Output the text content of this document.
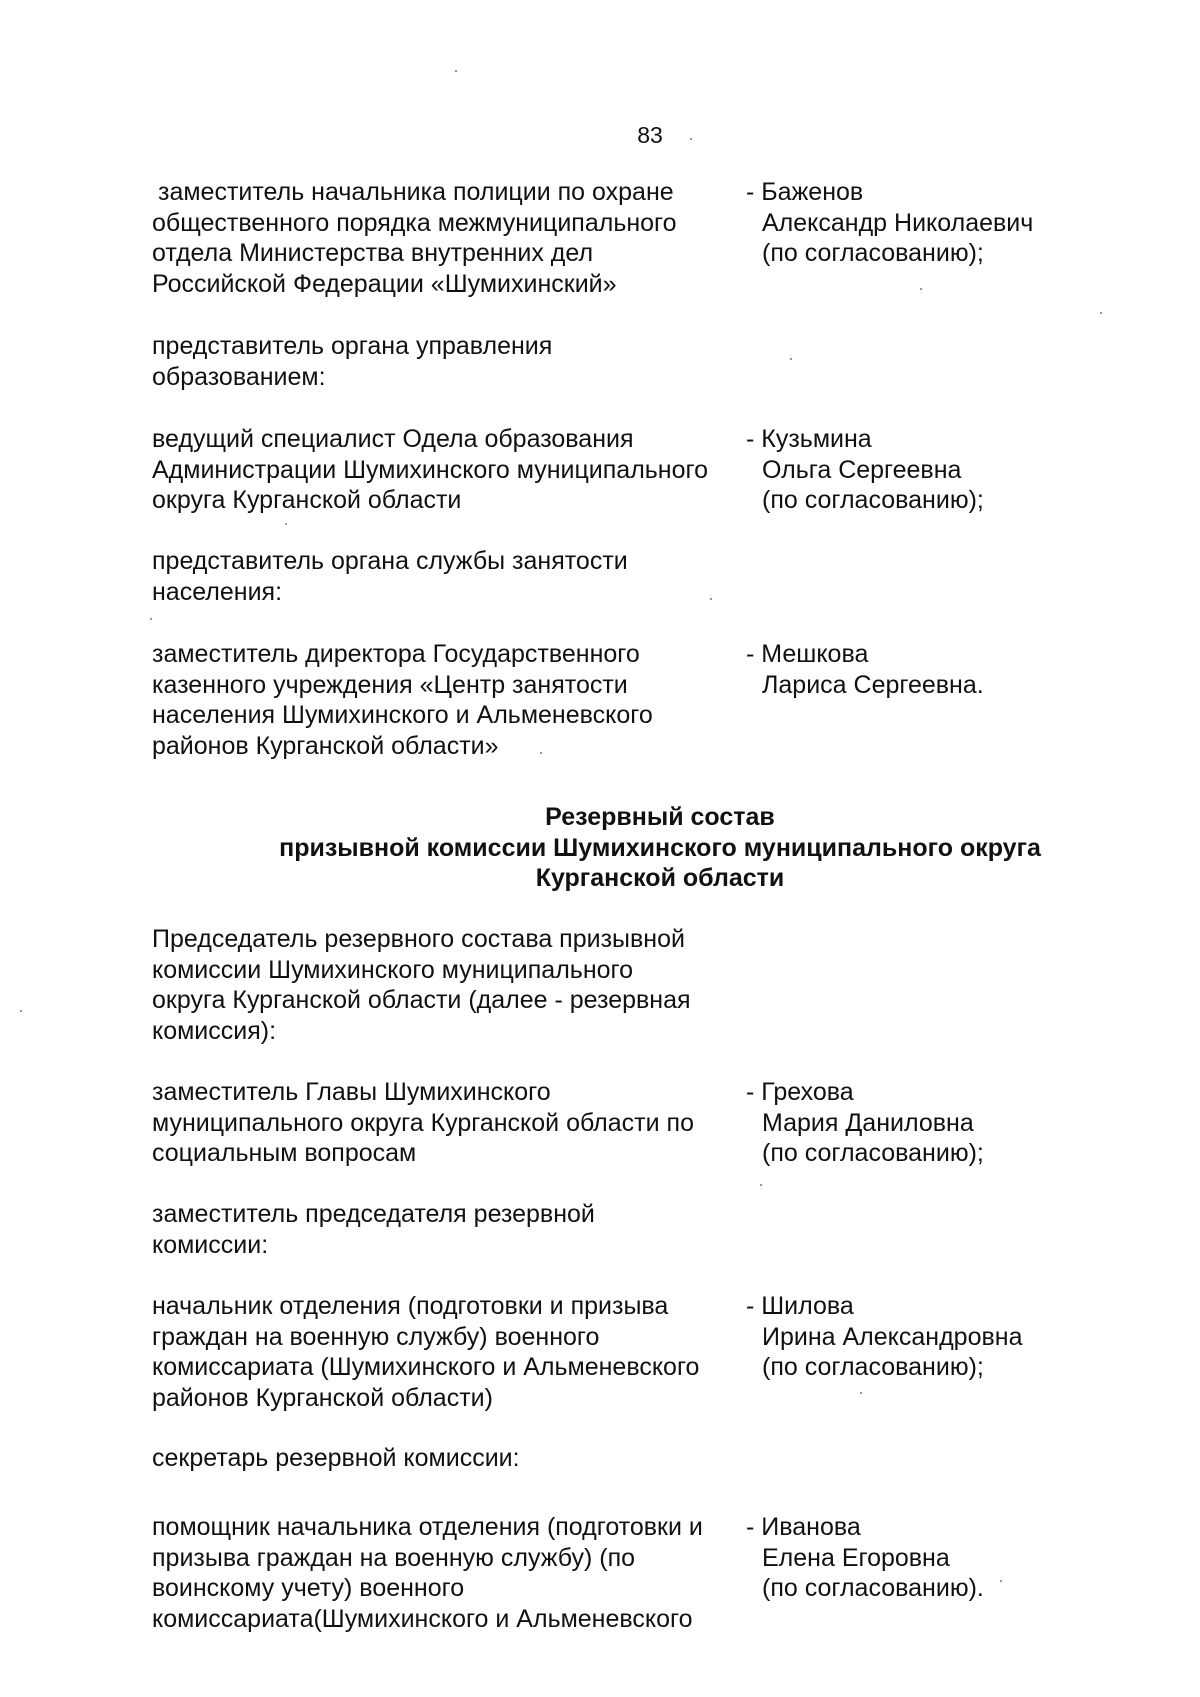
83
заместитель начальника полиции по охране
общественного порядка межмуниципального
отдела Министерства внутренних дел
Российской Федерации «Шумихинский»
- Баженов
Александр Николаевич
(по согласованию);
представитель органа управления
образованием:
ведущий специалист Одела образования
Администрации Шумихинского муниципального
округа Курганской области
- Кузьмина
Ольга Сергеевна
(по согласованию);
представитель органа службы занятости
населения:
заместитель директора Государственного
казенного учреждения «Центр занятости
населения Шумихинского и Альменевского
районов Курганской области»
- Мешкова
Лариса Сергеевна.
Резервный состав
призывной комиссии Шумихинского муниципального округа
Курганской области
Председатель резервного состава призывной
комиссии Шумихинского муниципального
округа Курганской области (далее - резервная
комиссия):
заместитель Главы Шумихинского
муниципального округа Курганской области по
социальным вопросам
- Грехова
Мария Даниловна
(по согласованию);
заместитель председателя резервной
комиссии:
начальник отделения (подготовки и призыва
граждан на военную службу) военного
комиссариата (Шумихинского и Альменевского
районов Курганской области)
- Шилова
Ирина Александровна
(по согласованию);
секретарь резервной комиссии:
помощник начальника отделения (подготовки и
призыва граждан на военную службу) (по
воинскому учету) военного
комиссариата(Шумихинского и Альменевского
- Иванова
Елена Егоровна
(по согласованию).
